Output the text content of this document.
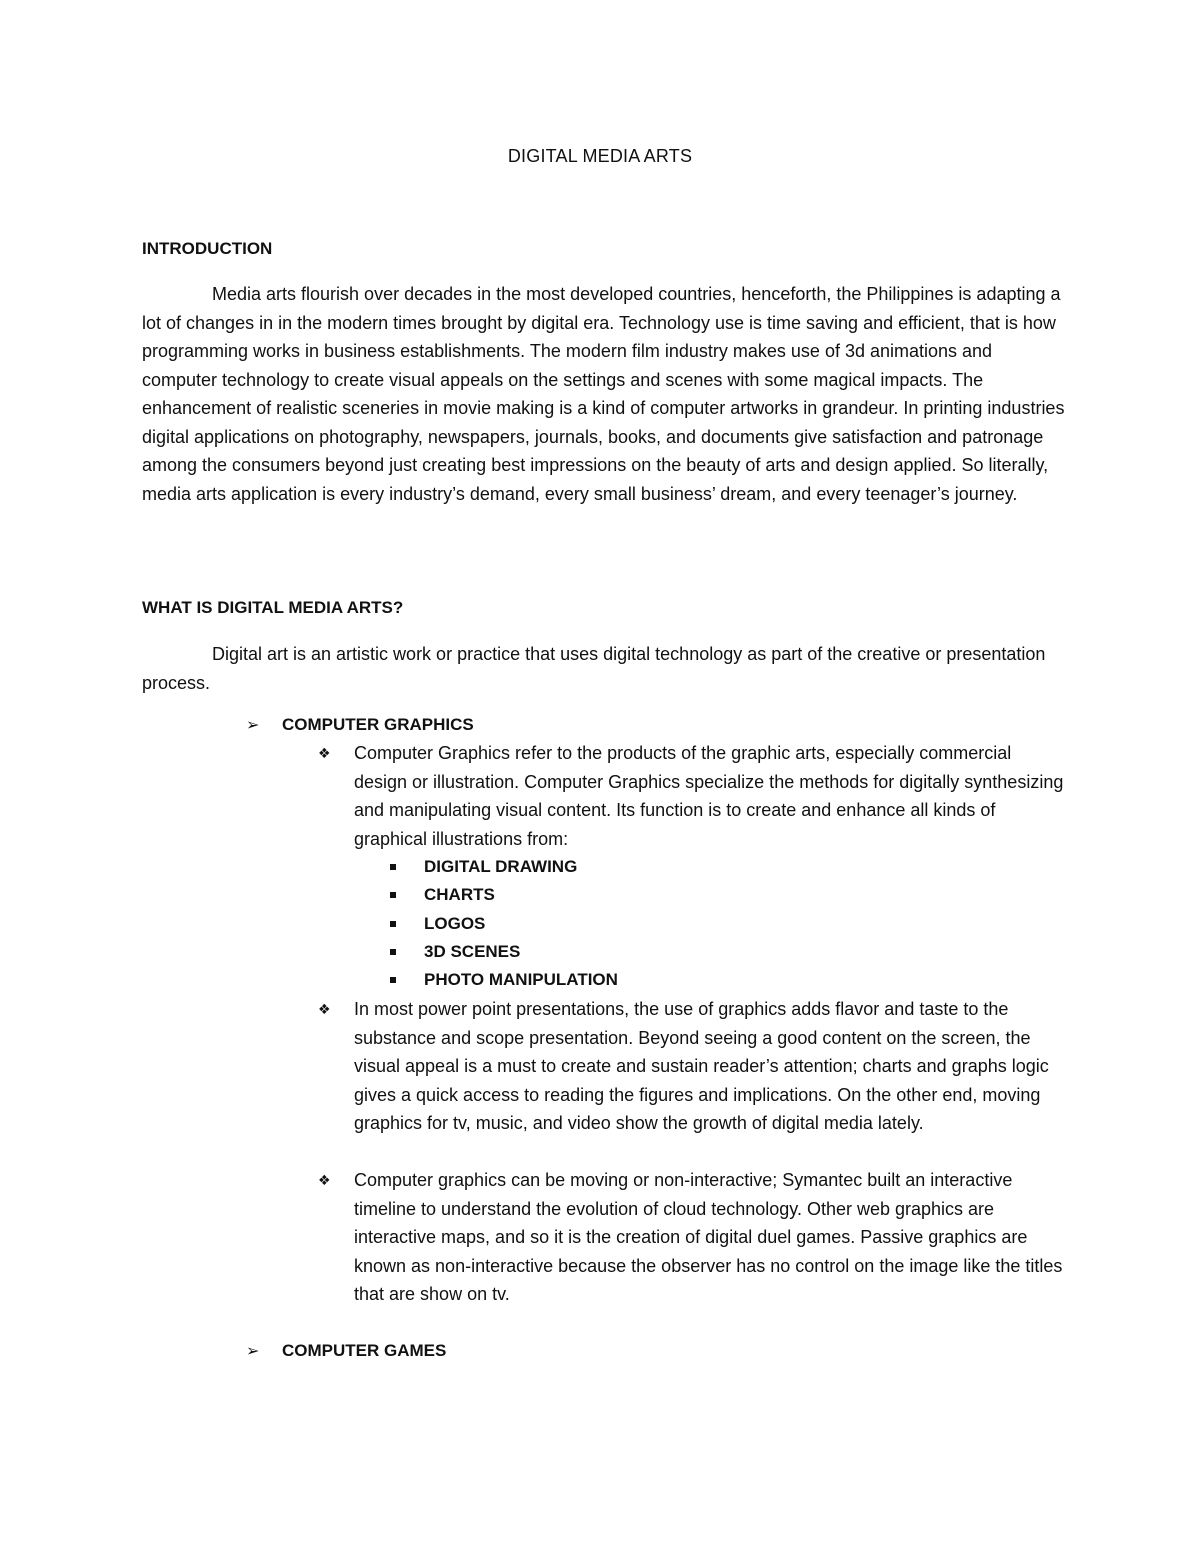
DIGITAL MEDIA ARTS
INTRODUCTION

Media arts flourish over decades in the most developed countries, henceforth, the Philippines is adapting a lot of changes in in the modern times brought by digital era. Technology use is time saving and efficient, that is how programming works in business establishments. The modern film industry makes use of 3d animations and computer technology to create visual appeals on the settings and scenes with some magical impacts. The enhancement of realistic sceneries in movie making is a kind of computer artworks in grandeur. In printing industries digital applications on photography, newspapers, journals, books, and documents give satisfaction and patronage among the consumers beyond just creating best impressions on the beauty of arts and design applied. So literally, media arts application is every industry’s demand, every small business’ dream, and every teenager’s journey.

WHAT IS DIGITAL MEDIA ARTS?

Digital art is an artistic work or practice that uses digital technology as part of the creative or presentation process.

➢	COMPUTER GRAPHICS
❖	Computer Graphics refer to the products of the graphic arts, especially commercial design or illustration. Computer Graphics specialize the methods for digitally synthesizing and manipulating visual content. Its function is to create and enhance all kinds of graphical illustrations from:
DIGITAL DRAWING
CHARTS
LOGOS
3D SCENES
PHOTO MANIPULATION
❖	In most power point presentations, the use of graphics adds flavor and taste to the substance and scope presentation. Beyond seeing a good content on the screen, the visual appeal is a must to create and sustain reader’s attention; charts and graphs logic gives a quick access to reading the figures and implications. On the other end, moving graphics for tv, music, and video show the growth of digital media lately.
❖	Computer graphics can be moving or non-interactive; Symantec built an interactive timeline to understand the evolution of cloud technology. Other web graphics are interactive maps, and so it is the creation of digital duel games. Passive graphics are known as non-interactive because the observer has no control on the image like the titles that are show on tv.
➢	COMPUTER GAMES
